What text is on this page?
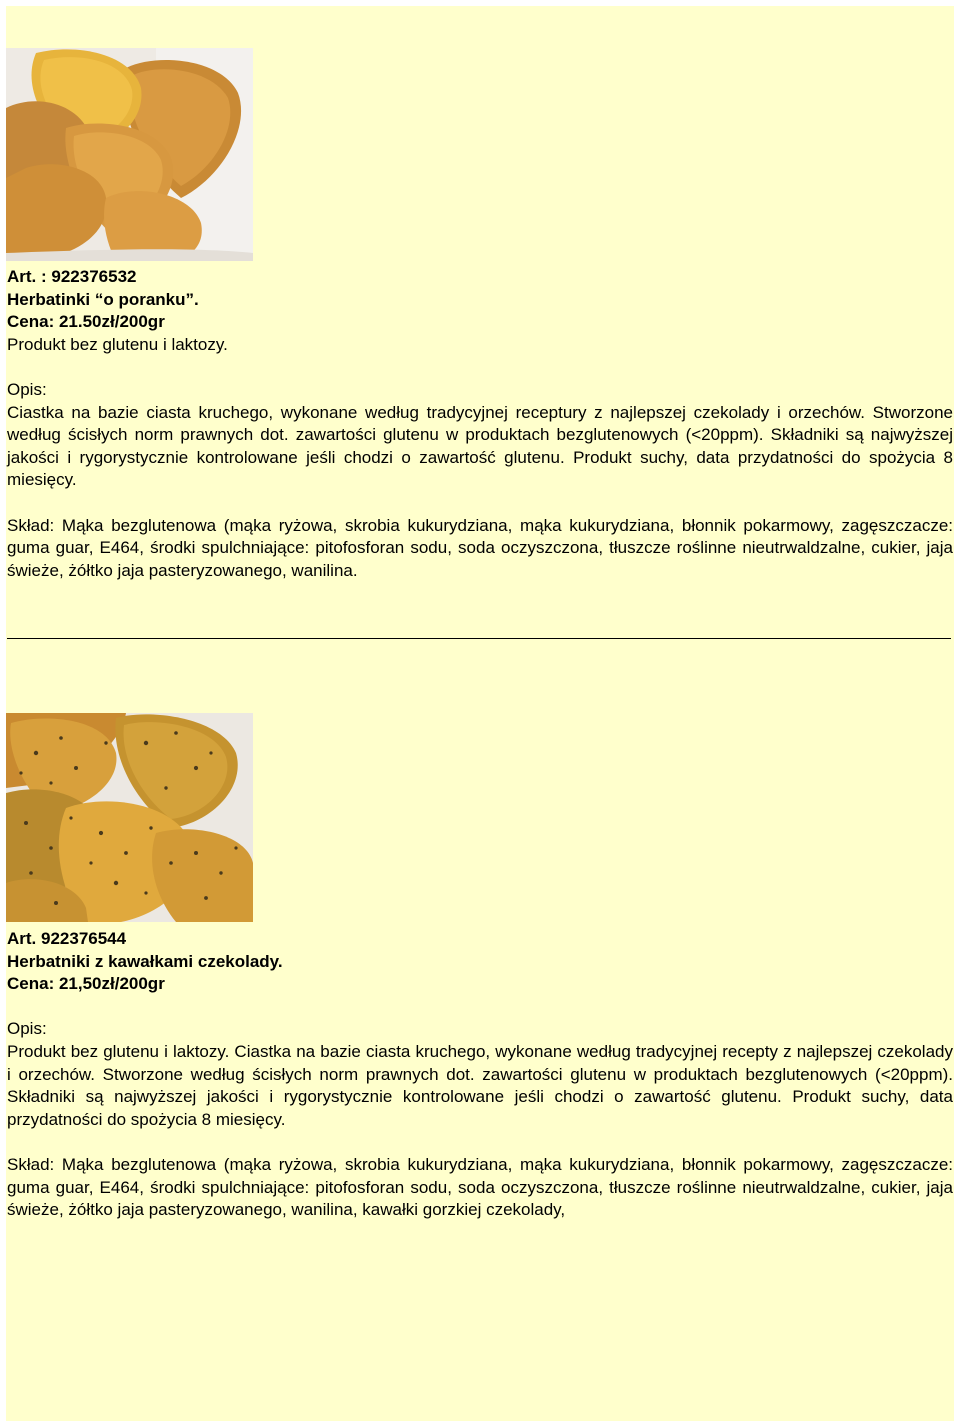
Art. : 922376532

Herbatinki “o poranku”.

Cena: 21.50zł/200gr

Produkt bez glutenu i laktozy.

Opis:

Ciastka na bazie ciasta kruchego, wykonane według tradycyjnej receptury z najlepszej czekolady i orzechów. Stworzone według ścisłych norm prawnych dot. zawartości glutenu w produktach bezglutenowych (<20ppm). Składniki są najwyższej jakości i rygorystycznie kontrolowane jeśli chodzi o zawartość glutenu. Produkt suchy, data przydatności do spożycia 8 miesięcy.

Skład: Mąka bezglutenowa (mąka ryżowa, skrobia kukurydziana, mąka kukurydziana, błonnik pokarmowy, zagęszczacze: guma guar, E464, środki spulchniające: pitofosforan sodu, soda oczyszczona, tłuszcze roślinne nieutrwaldzalne, cukier, jaja świeże, żółtko jaja pasteryzowanego, wanilina.

Art. 922376544

Herbatniki z kawałkami czekolady.

Cena: 21,50zł/200gr

Opis:

Produkt bez glutenu i laktozy. Ciastka na bazie ciasta kruchego, wykonane według tradycyjnej recepty z najlepszej czekolady i orzechów. Stworzone według ścisłych norm prawnych dot. zawartości glutenu w produktach bezglutenowych (<20ppm). Składniki są najwyższej jakości i rygorystycznie kontrolowane jeśli chodzi o zawartość glutenu. Produkt suchy, data przydatności do spożycia 8 miesięcy.

Skład: Mąka bezglutenowa (mąka ryżowa, skrobia kukurydziana, mąka kukurydziana, błonnik pokarmowy, zagęszczacze: guma guar, E464, środki spulchniające: pitofosforan sodu, soda oczyszczona, tłuszcze roślinne nieutrwaldzalne, cukier, jaja świeże, żółtko jaja pasteryzowanego, wanilina, kawałki gorzkiej czekolady,
